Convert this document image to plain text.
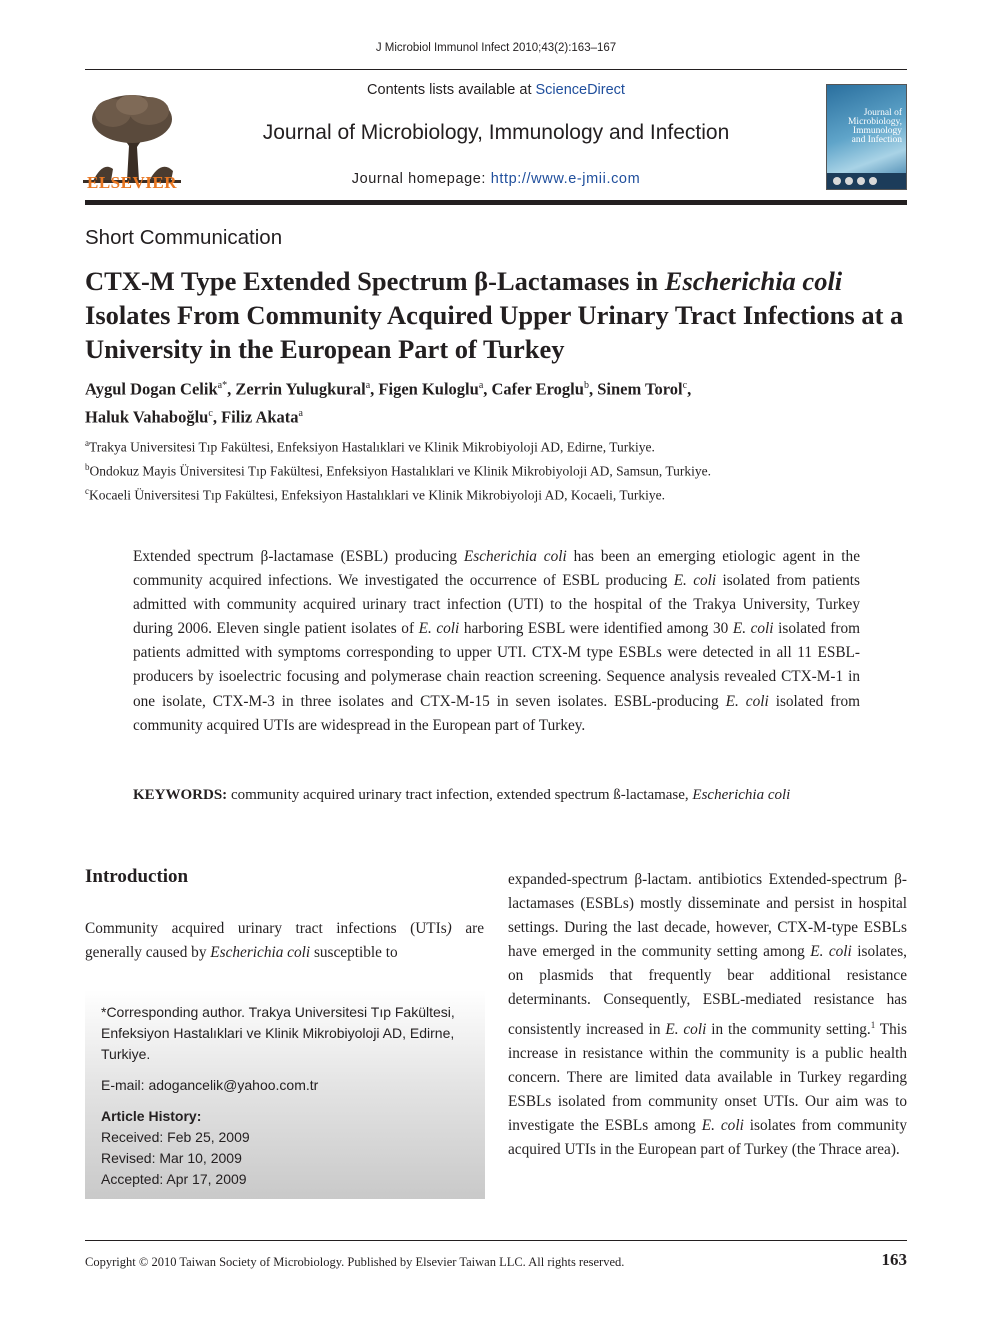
J Microbiol Immunol Infect 2010;43(2):163–167
ELSEVIER
Contents lists available at ScienceDirect
Journal of Microbiology, Immunology and Infection
Journal homepage: http://www.e-jmii.com
Journal of
Microbiology,
Immunology
and Infection
Short Communication
CTX-M Type Extended Spectrum β-Lactamases in Escherichia coli Isolates From Community Acquired Upper Urinary Tract Infections at a University in the European Part of Turkey
Aygul Dogan Celik$^{a*}$, Zerrin Yulugkural$^a$, Figen Kuloglu$^a$, Cafer Eroglu$^b$, Sinem Torol$^c$,
Haluk Vahaboğlu$^c$, Filiz Akata$^a$
$^a$Trakya Universitesi Tıp Fakültesi, Enfeksiyon Hastalıklari ve Klinik Mikrobiyoloji AD, Edirne, Turkiye.
$^b$Ondokuz Mayis Üniversitesi Tıp Fakültesi, Enfeksiyon Hastalıklari ve Klinik Mikrobiyoloji AD, Samsun, Turkiye.
$^c$Kocaeli Üniversitesi Tıp Fakültesi, Enfeksiyon Hastalıklari ve Klinik Mikrobiyoloji AD, Kocaeli, Turkiye.
Extended spectrum β-lactamase (ESBL) producing Escherichia coli has been an emerging etiologic agent in the community acquired infections. We investigated the occurrence of ESBL producing E. coli isolated from patients admitted with community acquired urinary tract infection (UTI) to the hospital of the Trakya University, Turkey during 2006. Eleven single patient isolates of E. coli harboring ESBL were identified among 30 E. coli isolated from patients admitted with symptoms corresponding to upper UTI. CTX-M type ESBLs were detected in all 11 ESBL-producers by isoelectric focusing and polymerase chain reaction screening. Sequence analysis revealed CTX-M-1 in one isolate, CTX-M-3 in three isolates and CTX-M-15 in seven isolates. ESBL-producing E. coli isolated from community acquired UTIs are widespread in the European part of Turkey.
KEYWORDS: community acquired urinary tract infection, extended spectrum ß-lactamase, Escherichia coli
Introduction
Community acquired urinary tract infections (UTIs) are generally caused by Escherichia coli susceptible to
*Corresponding author. Trakya Universitesi Tıp Fakültesi, Enfeksiyon Hastalıklari ve Klinik Mikrobiyoloji AD, Edirne, Turkiye.
E-mail: adogancelik@yahoo.com.tr
Article History:
Received: Feb 25, 2009
Revised: Mar 10, 2009
Accepted: Apr 17, 2009
expanded-spectrum β-lactam. antibiotics Extended-spectrum β-lactamases (ESBLs) mostly disseminate and persist in hospital settings. During the last decade, however, CTX-M-type ESBLs have emerged in the community setting among E. coli isolates, on plasmids that frequently bear additional resistance determinants. Consequently, ESBL-mediated resistance has consistently increased in E. coli in the community setting.$^1$ This increase in resistance within the community is a public health concern. There are limited data available in Turkey regarding ESBLs isolated from community onset UTIs. Our aim was to investigate the ESBLs among E. coli isolates from community acquired UTIs in the European part of Turkey (the Thrace area).
Copyright © 2010 Taiwan Society of Microbiology. Published by Elsevier Taiwan LLC. All rights reserved.	163
